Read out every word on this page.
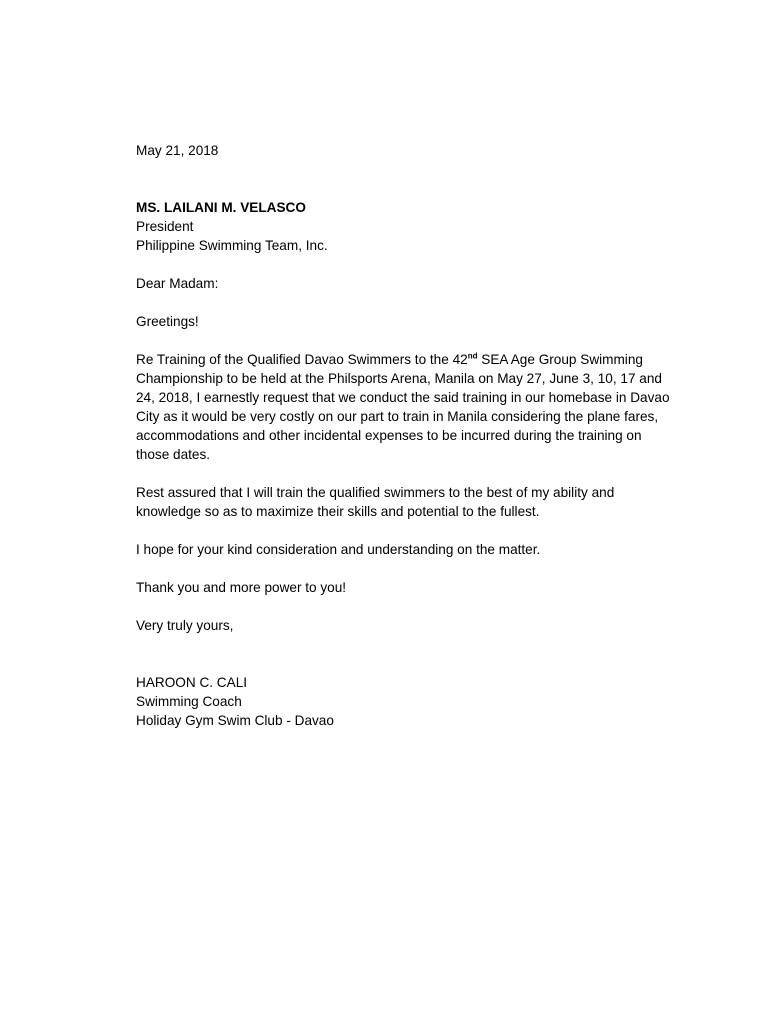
May 21, 2018
MS. LAILANI M. VELASCO
President
Philippine Swimming Team, Inc.
Dear Madam:
Greetings!
Re Training of the Qualified Davao Swimmers to the 42nd SEA Age Group Swimming
Championship to be held at the Philsports Arena, Manila on May 27, June 3, 10, 17 and
24, 2018, I earnestly request that we conduct the said training in our homebase in Davao
City as it would be very costly on our part to train in Manila considering the plane fares,
accommodations and other incidental expenses to be incurred during the training on
those dates.
Rest assured that I will train the qualified swimmers to the best of my ability and
knowledge so as to maximize their skills and potential to the fullest.
I hope for your kind consideration and understanding on the matter.
Thank you and more power to you!
Very truly yours,
HAROON C. CALI
Swimming Coach
Holiday Gym Swim Club - Davao
